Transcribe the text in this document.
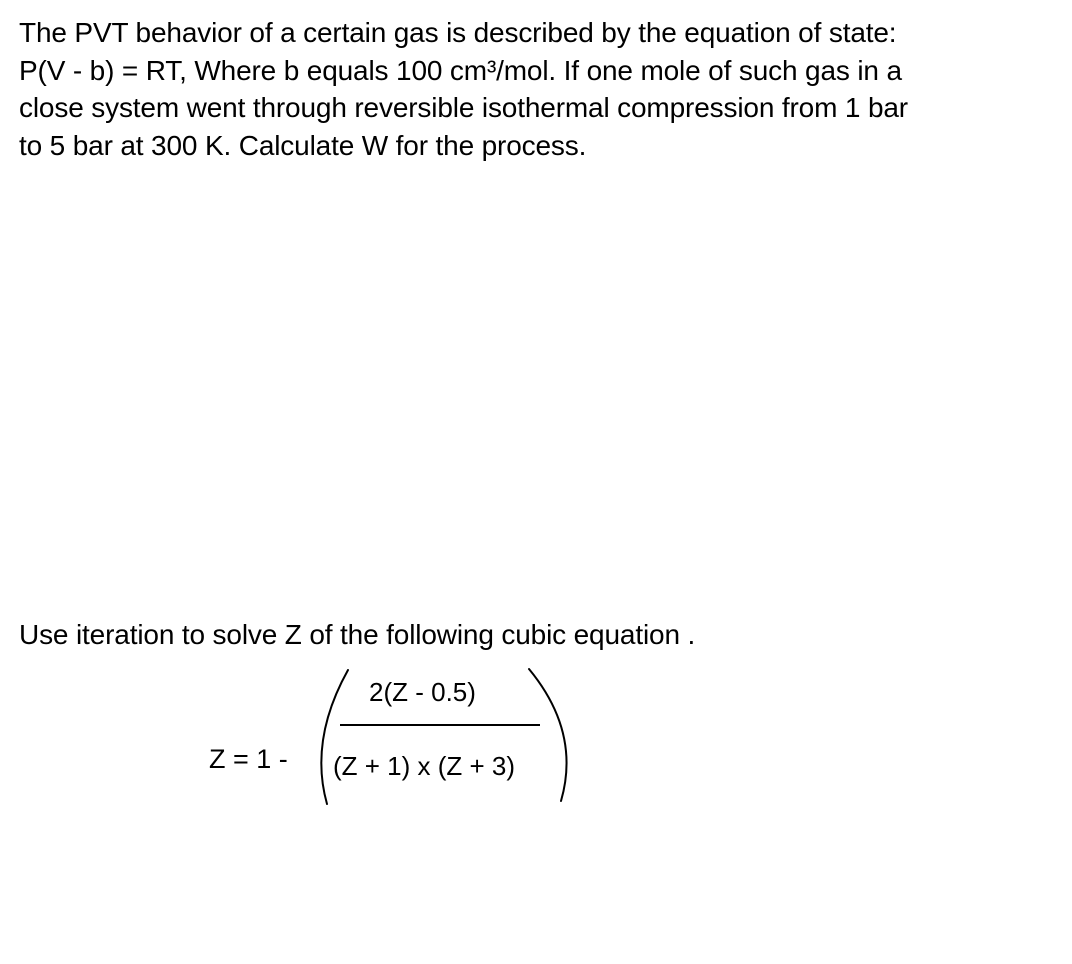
The PVT behavior of a certain gas is described by the equation of state:
P(V - b) = RT, Where b equals 100 cm³/mol. If one mole of such gas in a
close system went through reversible isothermal compression from 1 bar
to 5 bar at 300 K. Calculate W for the process.

Use iteration to solve Z of the following cubic equation .

Z = 1 -
2(Z - 0.5)
(Z + 1) x (Z + 3)
